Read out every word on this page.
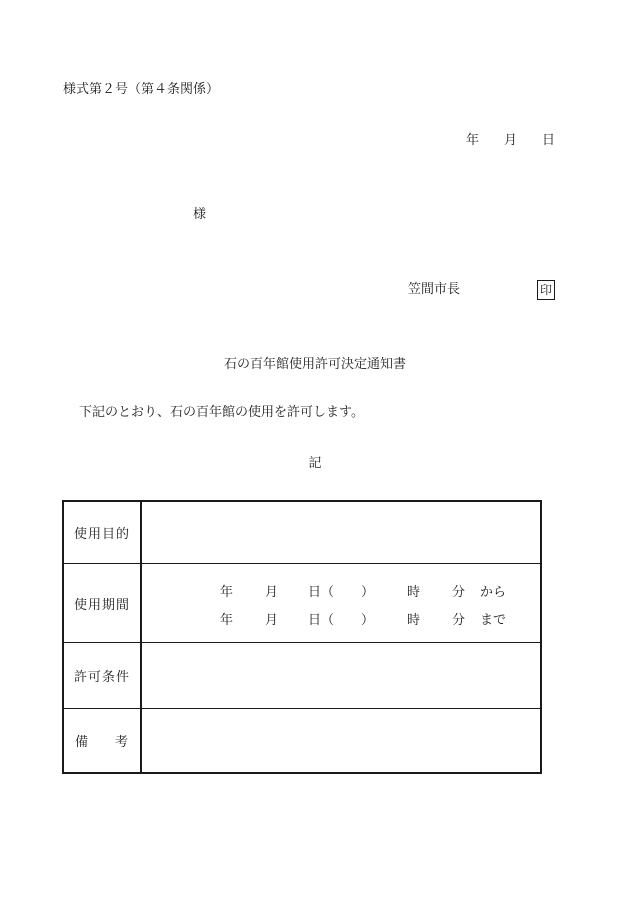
様式第２号（第４条関係）
年 月 日
様
笠間市長	印
石の百年館使用許可決定通知書
下記のとおり、石の百年館の使用を許可します。
記
使用目的
使用期間
年 月 日（ ）	時 分 から
年 月 日（ ）	時 分 まで
許可条件
備 考
